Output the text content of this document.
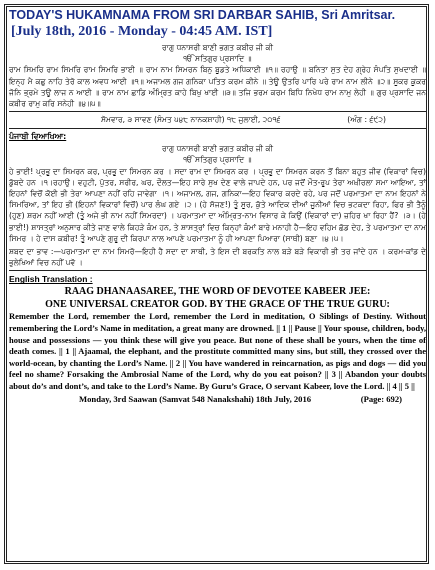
TODAY'S HUKAMNAMA FROM SRI DARBAR SAHIB, Sri Amritsar.
[July 18th, 2016 - Monday - 04:45 AM. IST]
ਰਾਗੁ ਧਨਾਸਰੀ ਬਾਣੀ ਭਗਤ ਕਬੀਰ ਜੀ ਕੀ
ੴ ਸਤਿਗੁਰ ਪ੍ਰਸਾਦਿ ॥
ਰਾਮ ਸਿਮਰਿ ਰਾਮ ਸਿਮਰਿ ਰਾਮ ਸਿਮਰਿ ਭਾਈ ॥ ਰਾਮ ਨਾਮ ਸਿਮਰਨ ਬਿਨੁ ਬੂਡਤੇ ਅਧਿਕਾਈ ॥੧॥ ਰਹਾਉ ॥ ਬਨਿਤਾ ਸੁਤ ਦੇਹ ਗ੍ਰੇਹ ਸੰਪਤਿ ਸੁਖਦਾਈ ॥ ਇਨ੍ਹ ਮੈ ਕਛੁ ਨਾਹਿ ਤੇਰੋ ਕਾਲ ਅਵਧ ਆਈ ॥੧॥ ਅਜਾਮਲ ਗਜ ਗਨਿਕਾ ਪਤਿਤ ਕਰਮ ਕੀਨੇ ॥ ਤੇਊ ਉਤਰਿ ਪਾਰਿ ਪਰੇ ਰਾਮ ਨਾਮ ਲੀਨੇ ॥੨॥ ਸੂਕਰ ਕੂਕਰ ਜੋਨਿ ਭ੍ਰਮੇ ਤਊ ਲਾਜ ਨ ਆਈ ॥ ਰਾਮ ਨਾਮ ਛਾਡਿ ਅੰਮ੍ਰਿਤ ਕਾਹੇ ਬਿਖੁ ਖਾਈ ॥੩॥ ਤਜਿ ਭਰਮ ਕਰਮ ਬਿਧਿ ਨਿਖੇਧ ਰਾਮ ਨਾਮੁ ਲੇਹੀ ॥ ਗੁਰ ਪ੍ਰਸਾਦਿ ਜਨ ਕਬੀਰ ਰਾਮੁ ਕਰਿ ਸਨੇਹੀ ॥੪॥੫॥
ਸੋਮਵਾਰ, ੩ ਸਾਵਣ (ਸੰਮਤ ੫੪੮ ਨਾਨਕਸ਼ਾਹੀ) ੧੮ ਜੁਲਾਈ, ੨੦੧੬	(ਅੰਗ : ੬੯੨)
ਪੰਜਾਬੀ ਵਿਆਖਿਆ:
ਰਾਗੁ ਧਨਾਸਰੀ ਬਾਣੀ ਭਗਤ ਕਬੀਰ ਜੀ ਕੀ
ੴ ਸਤਿਗੁਰ ਪ੍ਰਸਾਦਿ ॥
ਹੇ ਭਾਈ! ਪ੍ਰਭੂ ਦਾ ਸਿਮਰਨ ਕਰ, ਪ੍ਰਭੂ ਦਾ ਸਿਮਰਨ ਕਰ । ਸਦਾ ਰਾਮ ਦਾ ਸਿਮਰਨ ਕਰ । ਪ੍ਰਭੂ ਦਾ ਸਿਮਰਨ ਕਰਨ ਤੋਂ ਬਿਨਾ ਬਹੁਤ ਜੀਵ (ਵਿਕਾਰਾਂ ਵਿਚ) ਡੁੱਬਦੇ ਹਨ ।੧।ਰਹਾਉ। ਵਹੁਟੀ, ਪੁੱਤਰ, ਸਰੀਰ, ਘਰ, ਦੌਲਤ—ਇਹ ਸਾਰੇ ਸੁਖ ਦੇਣ ਵਾਲੇ ਜਾਪਦੇ ਹਨ, ਪਰ ਜਦੋਂ ਮੌਤ-ਰੂਪ ਤੇਰਾ ਅਖ਼ੀਰਲਾ ਸਮਾ ਆਇਆ, ਤਾਂ ਇਹਨਾਂ ਵਿਚੋਂ ਕੋਈ ਭੀ ਤੇਰਾ ਆਪਣਾ ਨਹੀਂ ਰਹਿ ਜਾਵੇਗਾ ।੧। ਅਜਾਮਲ, ਗਜ, ਗਨਿਕਾ—ਇਹ ਵਿਕਾਰ ਕਰਦੇ ਰਹੇ, ਪਰ ਜਦੋਂ ਪਰਮਾਤਮਾ ਦਾ ਨਾਮ ਇਹਨਾਂ ਨੇ ਸਿਮਰਿਆ, ਤਾਂ ਇਹ ਭੀ (ਇਹਨਾਂ ਵਿਕਾਰਾਂ ਵਿਚੋਂ) ਪਾਰ ਲੰਘ ਗਏ ।੨। (ਹੇ ਸੱਜਣ!) ਤੂੰ ਸੂਰ, ਕੁੱਤੇ ਆਦਿਕ ਦੀਆਂ ਜੂਨੀਆਂ ਵਿਚ ਭਟਕਦਾ ਰਿਹਾ, ਫਿਰ ਭੀ ਤੈਨੂੰ (ਹੁਣ) ਸ਼ਰਮ ਨਹੀਂ ਆਈ (ਤੂੰ ਅਜੇ ਭੀ ਨਾਮ ਨਹੀਂ ਸਿਮਰਦਾ) । ਪਰਮਾਤਮਾ ਦਾ ਅੰਮ੍ਰਿਤ-ਨਾਮ ਵਿਸਾਰ ਕੇ ਕਿਉਂ (ਵਿਕਾਰਾਂ ਦਾ) ਜ਼ਹਿਰ ਖਾ ਰਿਹਾ ਹੈਂ? ।੩। (ਹੇ ਭਾਈ!) ਸ਼ਾਸਤ੍ਰਾਂ ਅਨੁਸਾਰ ਕੀਤੇ ਜਾਣ ਵਾਲੇ ਕਿਹੜੇ ਕੰਮ ਹਨ, ਤੇ ਸ਼ਾਸਤ੍ਰਾਂ ਵਿਚ ਕਿਨ੍ਹਾਂ ਕੰਮਾਂ ਬਾਰੇ ਮਨਾਹੀ ਹੈ—ਇਹ ਵਹਿਮ ਛੱਡ ਦੇਹ, ਤੇ ਪਰਮਾਤਮਾ ਦਾ ਨਾਮ ਸਿਮਰ । ਹੇ ਦਾਸ ਕਬੀਰ! ਤੂੰ ਆਪਣੇ ਗੁਰੂ ਦੀ ਕਿਰਪਾ ਨਾਲ ਆਪਣੇ ਪਰਮਾਤਮਾ ਨੂੰ ਹੀ ਆਪਣਾ ਪਿਆਰਾ (ਸਾਥੀ) ਬਣਾ ।੪।੫।
ਸ਼ਬਦ ਦਾ ਭਾਵ :—ਪਰਮਾਤਮਾ ਦਾ ਨਾਮ ਸਿਮਰੋ—ਇਹੀ ਹੈ ਸਦਾ ਦਾ ਸਾਥੀ, ਤੇ ਇਸ ਦੀ ਬਰਕਤਿ ਨਾਲ ਬੜੇ ਬੜੇ ਵਿਕਾਰੀ ਭੀ ਤਰ ਜਾਂਦੇ ਹਨ । ਕਰਮ-ਕਾਂਡ ਦੇ ਭੁਲੇਖਿਆਂ ਵਿਚ ਨਹੀਂ ਪਵੋ ।
English Translation :
RAAG DHANAASAREE, THE WORD OF DEVOTEE KABEER JEE:
ONE UNIVERSAL CREATOR GOD. BY THE GRACE OF THE TRUE GURU:
Remember the Lord, remember the Lord, remember the Lord in meditation, O Siblings of Destiny. Without remembering the Lord’s Name in meditation, a great many are drowned. || 1 || Pause || Your spouse, children, body, house and possessions — you think these will give you peace. But none of these shall be yours, when the time of death comes. || 1 || Ajaamal, the elephant, and the prostitute committed many sins, but still, they crossed over the world-ocean, by chanting the Lord’s Name. || 2 || You have wandered in reincarnation, as pigs and dogs — did you feel no shame? Forsaking the Ambrosial Name of the Lord, why do you eat poison? || 3 || Abandon your doubts about do’s and dont’s, and take to the Lord’s Name. By Guru’s Grace, O servant Kabeer, love the Lord. || 4 || 5 ||
Monday, 3rd Saawan (Samvat 548 Nanakshahi) 18th July, 2016	(Page: 692)
